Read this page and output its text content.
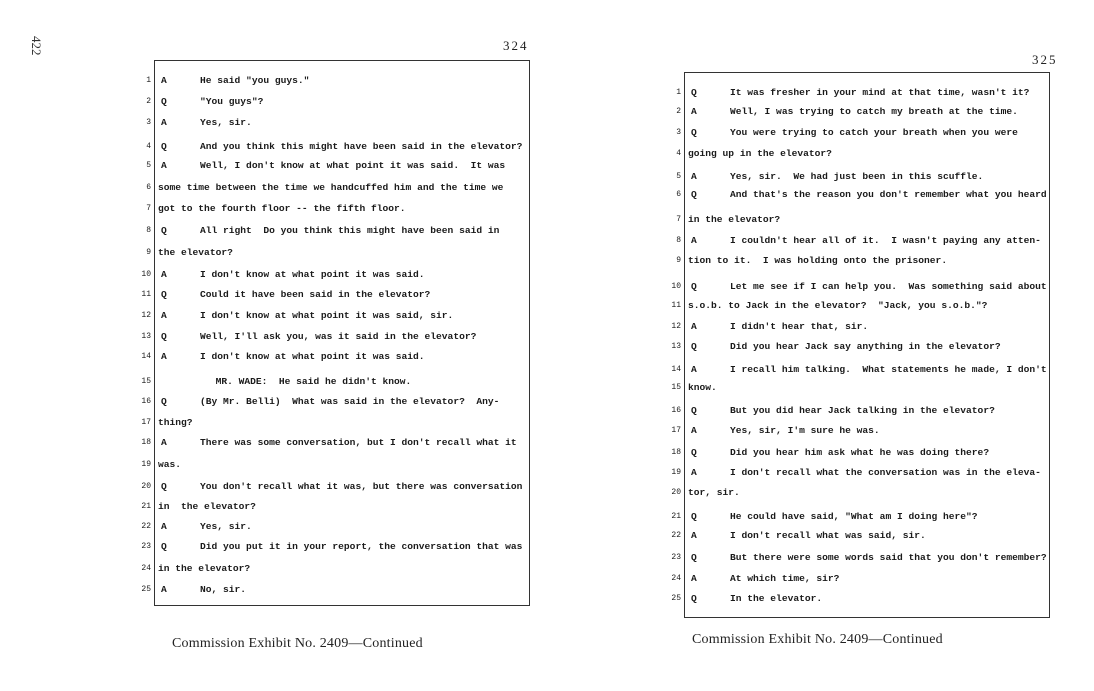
422	324
325
1 A	He said "you guys."
2 Q	"You guys"?
3 A	Yes, sir.
4 Q	And you think this might have been said in the elevator?
5 A	Well, I don't know at what point it was said.  It was
6 some time between the time we handcuffed him and the time we
7 got to the fourth floor -- the fifth floor.
8 Q	All right  Do you think this might have been said in
9 the elevator?
10 A	I don't know at what point it was said.
11 Q	Could it have been said in the elevator?
12 A	I don't know at what point it was said, sir.
13 Q	Well, I'll ask you, was it said in the elevator?
14 A	I don't know at what point it was said.
15 MR. WADE:  He said he didn't know.
16 Q	(By Mr. Belli)  What was said in the elevator?  Any-
17 thing?
18 A	There was some conversation, but I don't recall what it
19 was.
20 Q	You don't recall what it was, but there was conversation
21 in  the elevator?
22 A	Yes, sir.
23 Q	Did you put it in your report, the conversation that was
24 in the elevator?
25 A	No, sir.
1 Q	It was fresher in your mind at that time, wasn't it?
2 A	Well, I was trying to catch my breath at the time.
3 Q	You were trying to catch your breath when you were
4 going up in the elevator?
5 A	Yes, sir.  We had just been in this scuffle.
6 Q	And that's the reason you don't remember what you heard
7 in the elevator?
8 A	I couldn't hear all of it.  I wasn't paying any atten-
9 tion to it.  I was holding onto the prisoner.
10 Q	Let me see if I can help you.  Was something said about
11 s.o.b. to Jack in the elevator?  "Jack, you s.o.b."?
12 A	I didn't hear that, sir.
13 Q	Did you hear Jack say anything in the elevator?
14 A	I recall him talking.  What statements he made, I don't
15 know.
16 Q	But you did hear Jack talking in the elevator?
17 A	Yes, sir, I'm sure he was.
18 Q	Did you hear him ask what he was doing there?
19 A	I don't recall what the conversation was in the eleva-
20 tor, sir.
21 Q	He could have said, "What am I doing here"?
22 A	I don't recall what was said, sir.
23 Q	But there were some words said that you don't remember?
24 A	At which time, sir?
25 Q	In the elevator.
Commission Exhibit No. 2409—Continued	Commission Exhibit No. 2409—Continued
